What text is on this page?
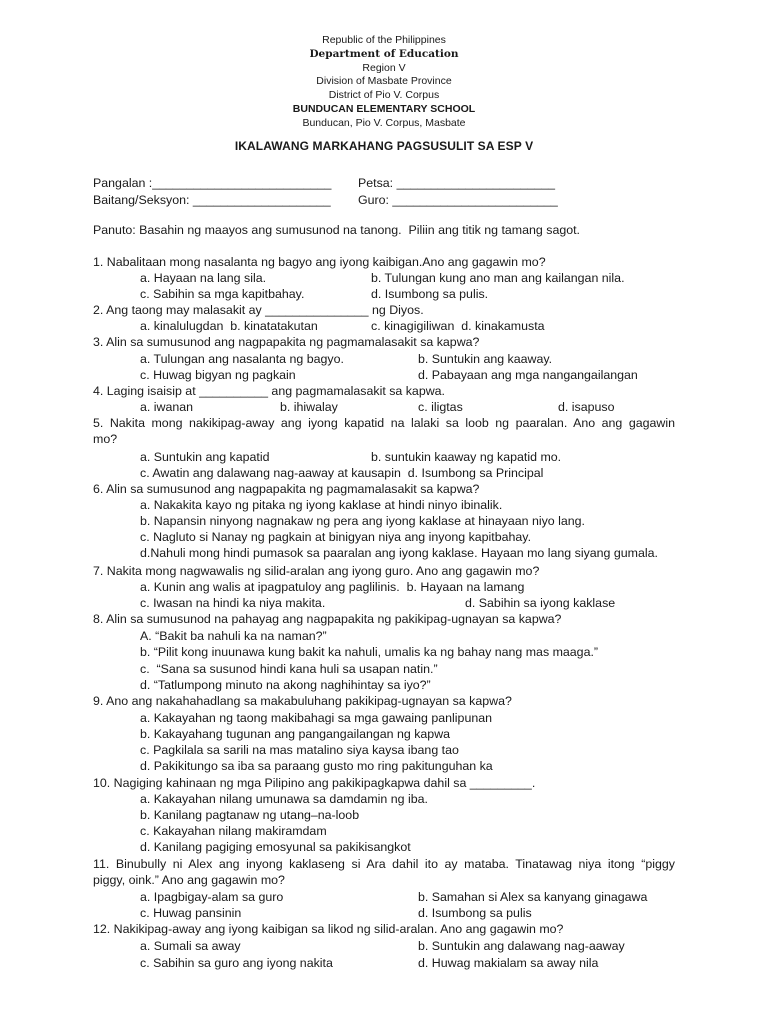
Republic of the Philippines
Department of Education
Region V
Division of Masbate Province
District of Pio V. Corpus
BUNDUCAN ELEMENTARY SCHOOL
Bunducan, Pio V. Corpus, Masbate
IKALAWANG MARKAHANG PAGSUSULIT SA ESP V
Pangalan :__________________________ Petsa: _______________________
Baitang/Seksyon: ____________________ Guro: ________________________
Panuto: Basahin ng maayos ang sumusunod na tanong.  Piliin ang titik ng tamang sagot.
1. Nabalitaan mong nasalanta ng bagyo ang iyong kaibigan.Ano ang gagawin mo?
a. Hayaan na lang sila.	b. Tulungan kung ano man ang kailangan nila.
c. Sabihin sa mga kapitbahay.	d. Isumbong sa pulis.
2. Ang taong may malasakit ay _______________ ng Diyos.
a. kinalulugdan  b. kinatatakutan	c. kinagigiliwan  d. kinakamusta
3. Alin sa sumusunod ang nagpapakita ng pagmamalasakit sa kapwa?
a. Tulungan ang nasalanta ng bagyo.	b. Suntukin ang kaaway.
c. Huwag bigyan ng pagkain	d. Pabayaan ang mga nangangailangan
4. Laging isaisip at __________ ang pagmamalasakit sa kapwa.
a. iwanan	b. ihiwalay	c. iligtas	d. isapuso
5. Nakita mong nakikipag-away ang iyong kapatid na lalaki sa loob ng paaralan. Ano ang gagawin
mo?
a. Suntukin ang kapatid	b. suntukin kaaway ng kapatid mo.
c. Awatin ang dalawang nag-aaway at kausapin  d. Isumbong sa Principal
6. Alin sa sumusunod ang nagpapakita ng pagmamalasakit sa kapwa?
a. Nakakita kayo ng pitaka ng iyong kaklase at hindi ninyo ibinalik.
b. Napansin ninyong nagnakaw ng pera ang iyong kaklase at hinayaan niyo lang.
c. Nagluto si Nanay ng pagkain at binigyan niya ang inyong kapitbahay.
d.Nahuli mong hindi pumasok sa paaralan ang iyong kaklase. Hayaan mo lang siyang gumala.
7. Nakita mong nagwawalis ng silid-aralan ang iyong guro. Ano ang gagawin mo?
a. Kunin ang walis at ipagpatuloy ang paglilinis.  b. Hayaan na lamang
c. Iwasan na hindi ka niya makita.	d. Sabihin sa iyong kaklase
8. Alin sa sumusunod na pahayag ang nagpapakita ng pakikipag-ugnayan sa kapwa?
A. “Bakit ba nahuli ka na naman?”
b. “Pilit kong inuunawa kung bakit ka nahuli, umalis ka ng bahay nang mas maaga.”
c.  “Sana sa susunod hindi kana huli sa usapan natin.”
d. “Tatlumpong minuto na akong naghihintay sa iyo?”
9. Ano ang nakahahadlang sa makabuluhang pakikipag-ugnayan sa kapwa?
a. Kakayahan ng taong makibahagi sa mga gawaing panlipunan
b. Kakayahang tugunan ang pangangailangan ng kapwa
c. Pagkilala sa sarili na mas matalino siya kaysa ibang tao
d. Pakikitungo sa iba sa paraang gusto mo ring pakitunguhan ka
10. Nagiging kahinaan ng mga Pilipino ang pakikipagkapwa dahil sa _________.
a. Kakayahan nilang umunawa sa damdamin ng iba.
b. Kanilang pagtanaw ng utang–na-loob
c. Kakayahan nilang makiramdam
d. Kanilang pagiging emosyunal sa pakikisangkot
11. Binubully ni Alex ang inyong kaklaseng si Ara dahil ito ay mataba. Tinatawag niya itong “piggy
piggy, oink.” Ano ang gagawin mo?
a. Ipagbigay-alam sa guro	b. Samahan si Alex sa kanyang ginagawa
c. Huwag pansinin	d. Isumbong sa pulis
12. Nakikipag-away ang iyong kaibigan sa likod ng silid-aralan. Ano ang gagawin mo?
a. Sumali sa away	b. Suntukin ang dalawang nag-aaway
c. Sabihin sa guro ang iyong nakita	d. Huwag makialam sa away nila
